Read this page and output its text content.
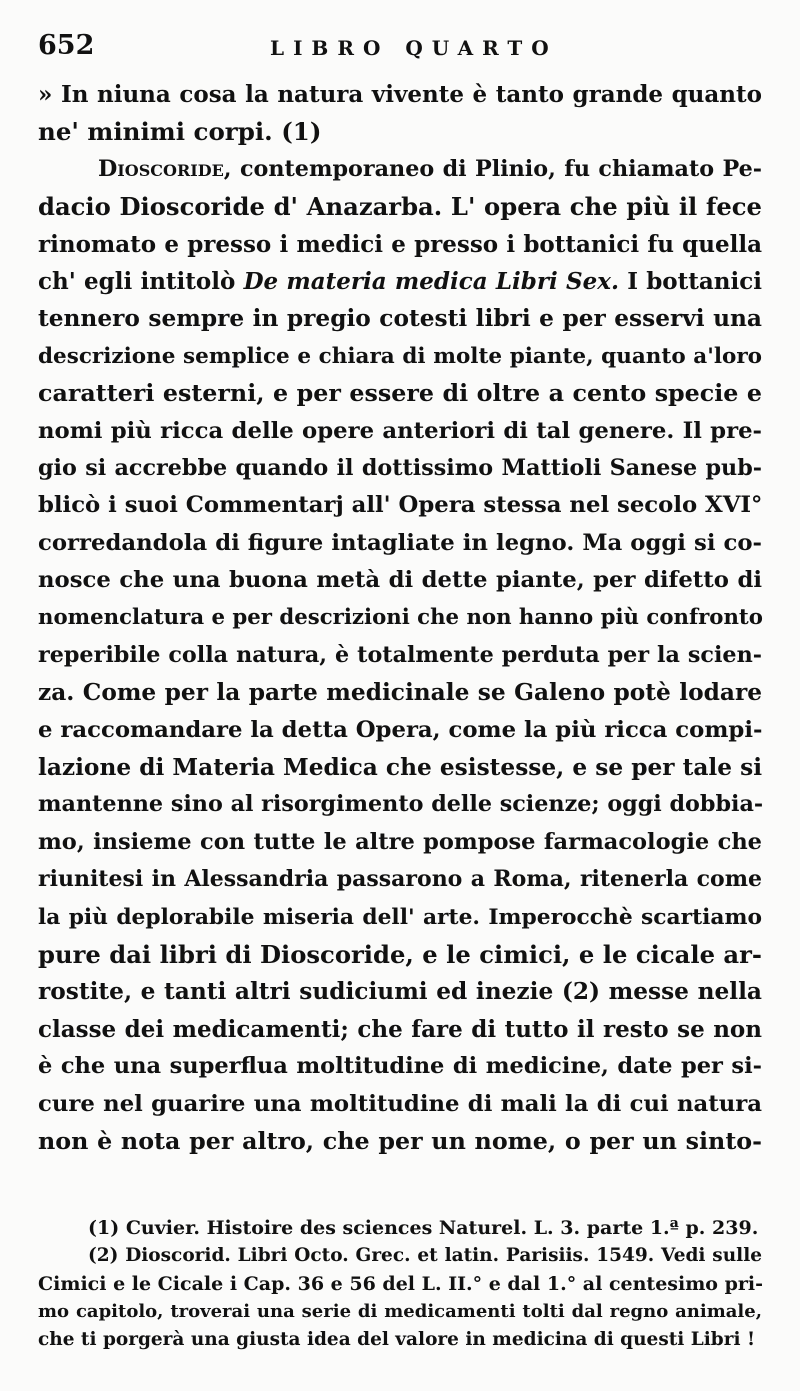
652	LIBRO QUARTO
» In niuna cosa la natura vivente è tanto grande quanto
ne' minimi corpi. (1)
Dioscoride, contemporaneo di Plinio, fu chiamato Pe-
dacio Dioscoride d' Anazarba. L' opera che più il fece
rinomato e presso i medici e presso i bottanici fu quella
ch' egli intitolò De materia medica Libri Sex. I bottanici
tennero sempre in pregio cotesti libri e per esservi una
descrizione semplice e chiara di molte piante, quanto a'loro
caratteri esterni, e per essere di oltre a cento specie e
nomi più ricca delle opere anteriori di tal genere. Il pre-
gio si accrebbe quando il dottissimo Mattioli Sanese pub-
blicò i suoi Commentarj all' Opera stessa nel secolo XVI°
corredandola di figure intagliate in legno. Ma oggi si co-
nosce che una buona metà di dette piante, per difetto di
nomenclatura e per descrizioni che non hanno più confronto
reperibile colla natura, è totalmente perduta per la scien-
za. Come per la parte medicinale se Galeno potè lodare
e raccomandare la detta Opera, come la più ricca compi-
lazione di Materia Medica che esistesse, e se per tale si
mantenne sino al risorgimento delle scienze; oggi dobbia-
mo, insieme con tutte le altre pompose farmacologie che
riunitesi in Alessandria passarono a Roma, ritenerla come
la più deplorabile miseria dell' arte. Imperocchè scartiamo
pure dai libri di Dioscoride, e le cimici, e le cicale ar-
rostite, e tanti altri sudiciumi ed inezie (2) messe nella
classe dei medicamenti; che fare di tutto il resto se non
è che una superflua moltitudine di medicine, date per si-
cure nel guarire una moltitudine di mali la di cui natura
non è nota per altro, che per un nome, o per un sinto-
(1) Cuvier. Histoire des sciences Naturel. L. 3. parte 1.ª p. 239.
(2) Dioscorid. Libri Octo. Grec. et latin. Parisiis. 1549. Vedi sulle
Cimici e le Cicale i Cap. 36 e 56 del L. II.° e dal 1.° al centesimo pri-
mo capitolo, troverai una serie di medicamenti tolti dal regno animale,
che ti porgerà una giusta idea del valore in medicina di questi Libri !
